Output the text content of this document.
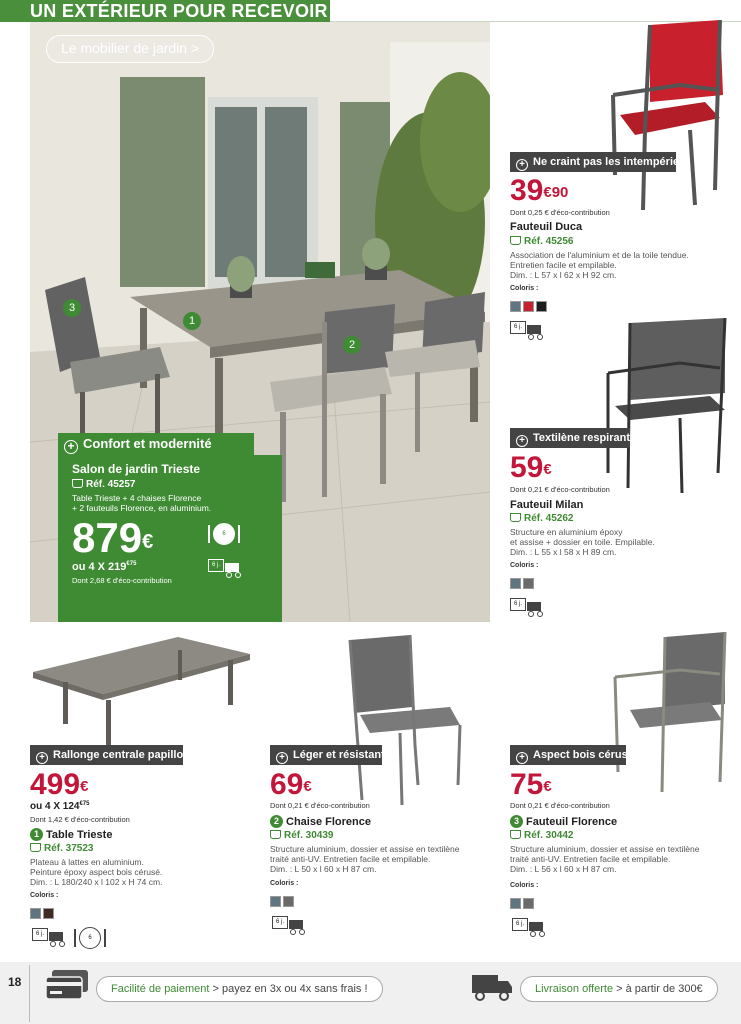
UN EXTÉRIEUR POUR RECEVOIR
Le mobilier de jardin >
1
2
3
+ Confort et modernité
Salon de jardin Trieste
Réf. 45257
Table Trieste + 4 chaises Florence
+ 2 fauteuils Florence, en aluminium.
879€
ou 4 X $219^{€75}$
Dont 2,68 € d'éco-contribution
6
6 j.
+ Ne craint pas les intempéries
$39^{€90}$
Dont 0,25 € d'éco-contribution
Fauteuil Duca
Réf. 45256
Association de l'aluminium et de la toile tendue.
Entretien facile et empilable.
Dim. : L 57 x l 62 x H 92 cm.
Coloris :
6 j.
+ Textilène respirant
59€
Dont 0,21 € d'éco-contribution
Fauteuil Milan
Réf. 45262
Structure en aluminium époxy
et assise + dossier en toile. Empilable.
Dim. : L 55 x l 58 x H 89 cm.
Coloris :
6 j.
+ Rallonge centrale papillon
499€
ou 4 X $124^{€75}$
Dont 1,42 € d'éco-contribution
1 Table Trieste
Réf. 37523
Plateau à lattes en aluminium.
Peinture époxy aspect bois cérusé.
Dim. : L 180/240 x l 102 x H 74 cm.
Coloris :
6 j.
6
+ Léger et résistant
69€
Dont 0,21 € d'éco-contribution
2 Chaise Florence
Réf. 30439
Structure aluminium, dossier et assise en textilène
traité anti-UV. Entretien facile et empilable.
Dim. : L 50 x l 60 x H 87 cm.
Coloris :
6 j.
+ Aspect bois cérusé
75€
Dont 0,21 € d'éco-contribution
3 Fauteuil Florence
Réf. 30442
Structure aluminium, dossier et assise en textilène
traité anti-UV. Entretien facile et empilable.
Dim. : L 56 x l 60 x H 87 cm.
Coloris :
6 j.
18	Facilité de paiement > payez en 3x ou 4x sans frais !	Livraison offerte > à partir de 300€
